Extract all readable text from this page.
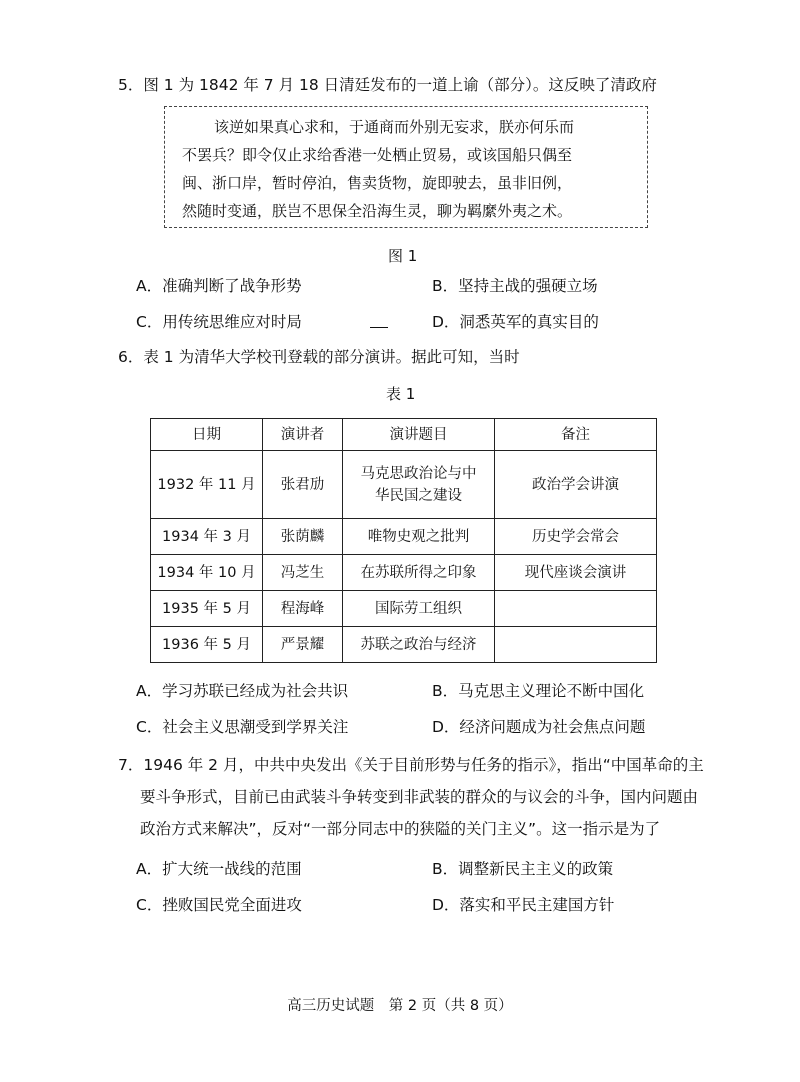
5．图 1 为 1842 年 7 月 18 日清廷发布的一道上谕（部分）。这反映了清政府
该逆如果真心求和，于通商而外别无妄求，朕亦何乐而
不罢兵？即令仅止求给香港一处栖止贸易，或该国船只偶至
闽、浙口岸，暂时停泊，售卖货物，旋即驶去，虽非旧例，
然随时变通，朕岂不思保全沿海生灵，聊为羁縻外夷之术。
图 1
A．准确判断了战争形势	B．坚持主战的强硬立场
C．用传统思维应对时局	D．洞悉英军的真实目的
6．表 1 为清华大学校刊登载的部分演讲。据此可知，当时
表 1
日期	演讲者	演讲题目	备注
1932 年 11 月	张君劢	马克思政治论与中
华民国之建设	政治学会讲演
1934 年 3 月	张荫麟	唯物史观之批判	历史学会常会
1934 年 10 月	冯芝生	在苏联所得之印象	现代座谈会演讲
1935 年 5 月	程海峰	国际劳工组织	
1936 年 5 月	严景耀	苏联之政治与经济	
A．学习苏联已经成为社会共识	B．马克思主义理论不断中国化
C．社会主义思潮受到学界关注	D．经济问题成为社会焦点问题
7．1946 年 2 月，中共中央发出《关于目前形势与任务的指示》，指出“中国革命的主
要斗争形式，目前已由武装斗争转变到非武装的群众的与议会的斗争，国内问题由
政治方式来解决”，反对“一部分同志中的狭隘的关门主义”。这一指示是为了
A．扩大统一战线的范围	B．调整新民主主义的政策
C．挫败国民党全面进攻	D．落实和平民主建国方针
高三历史试题　第 2 页（共 8 页）
